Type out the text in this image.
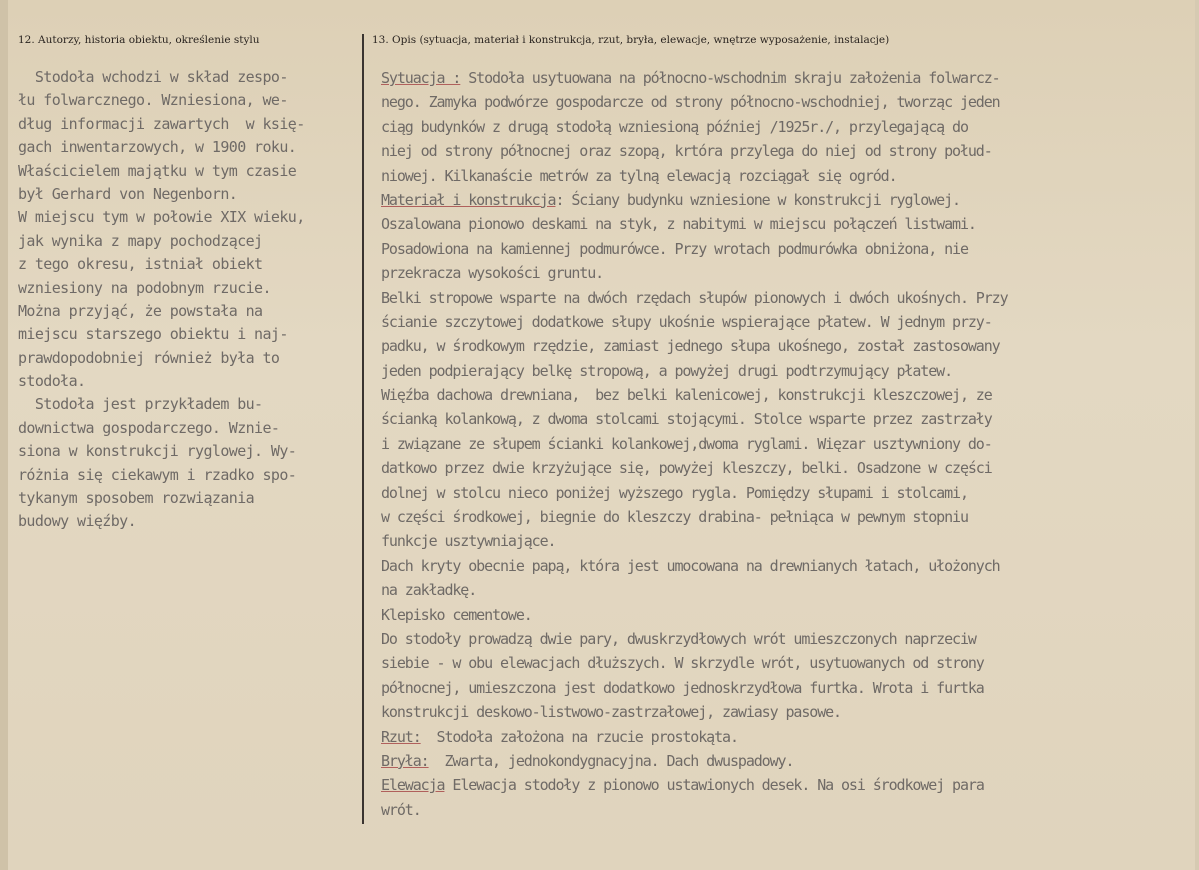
12. Autorzy, historia obiektu, określenie stylu	13. Opis (sytuacja, materiał i konstrukcja, rzut, bryła, elewacje, wnętrze wyposażenie, instalacje)
Stodoła wchodzi w skład zespo-
łu folwarcznego. Wzniesiona, we-
dług informacji zawartych  w księ-
gach inwentarzowych, w 1900 roku.
Właścicielem majątku w tym czasie
był Gerhard von Negenborn.
W miejscu tym w połowie XIX wieku,
jak wynika z mapy pochodzącej
z tego okresu, istniał obiekt
wzniesiony na podobnym rzucie.
Można przyjąć, że powstała na
miejscu starszego obiektu i naj-
prawdopodobniej również była to
stodoła.
Stodoła jest przykładem bu-
downictwa gospodarczego. Wznie-
siona w konstrukcji ryglowej. Wy-
różnia się ciekawym i rzadko spo-
tykanym sposobem rozwiązania
budowy więźby.
Sytuacja : Stodoła usytuowana na północno-wschodnim skraju założenia folwarcz-
nego. Zamyka podwórze gospodarcze od strony północno-wschodniej, tworząc jeden
ciąg budynków z drugą stodołą wzniesioną później /1925r./, przylegającą do
niej od strony północnej oraz szopą, krtóra przylega do niej od strony połud-
niowej. Kilkanaście metrów za tylną elewacją rozciągał się ogród.
Materiał i konstrukcja: Ściany budynku wzniesione w konstrukcji ryglowej.
Oszalowana pionowo deskami na styk, z nabitymi w miejscu połączeń listwami.
Posadowiona na kamiennej podmurówce. Przy wrotach podmurówka obniżona, nie
przekracza wysokości gruntu.
Belki stropowe wsparte na dwóch rzędach słupów pionowych i dwóch ukośnych. Przy
ścianie szczytowej dodatkowe słupy ukośnie wspierające płatew. W jednym przy-
padku, w środkowym rzędzie, zamiast jednego słupa ukośnego, został zastosowany
jeden podpierający belkę stropową, a powyżej drugi podtrzymujący płatew.
Więźba dachowa drewniana,  bez belki kalenicowej, konstrukcji kleszczowej, ze
ścianką kolankową, z dwoma stolcami stojącymi. Stolce wsparte przez zastrzały
i związane ze słupem ścianki kolankowej,dwoma ryglami. Więzar usztywniony do-
datkowo przez dwie krzyżujące się, powyżej kleszczy, belki. Osadzone w części
dolnej w stolcu nieco poniżej wyższego rygla. Pomiędzy słupami i stolcami,
w części środkowej, biegnie do kleszczy drabina- pełniąca w pewnym stopniu
funkcje usztywniające.
Dach kryty obecnie papą, która jest umocowana na drewnianych łatach, ułożonych
na zakładkę.
Klepisko cementowe.
Do stodoły prowadzą dwie pary, dwuskrzydłowych wrót umieszczonych naprzeciw
siebie - w obu elewacjach dłuższych. W skrzydle wrót, usytuowanych od strony
północnej, umieszczona jest dodatkowo jednoskrzydłowa furtka. Wrota i furtka
konstrukcji deskowo-listwowo-zastrzałowej, zawiasy pasowe.
Rzut:  Stodoła założona na rzucie prostokąta.
Bryła:  Zwarta, jednokondygnacyjna. Dach dwuspadowy.
Elewacja Elewacja stodoły z pionowo ustawionych desek. Na osi środkowej para
wrót.
